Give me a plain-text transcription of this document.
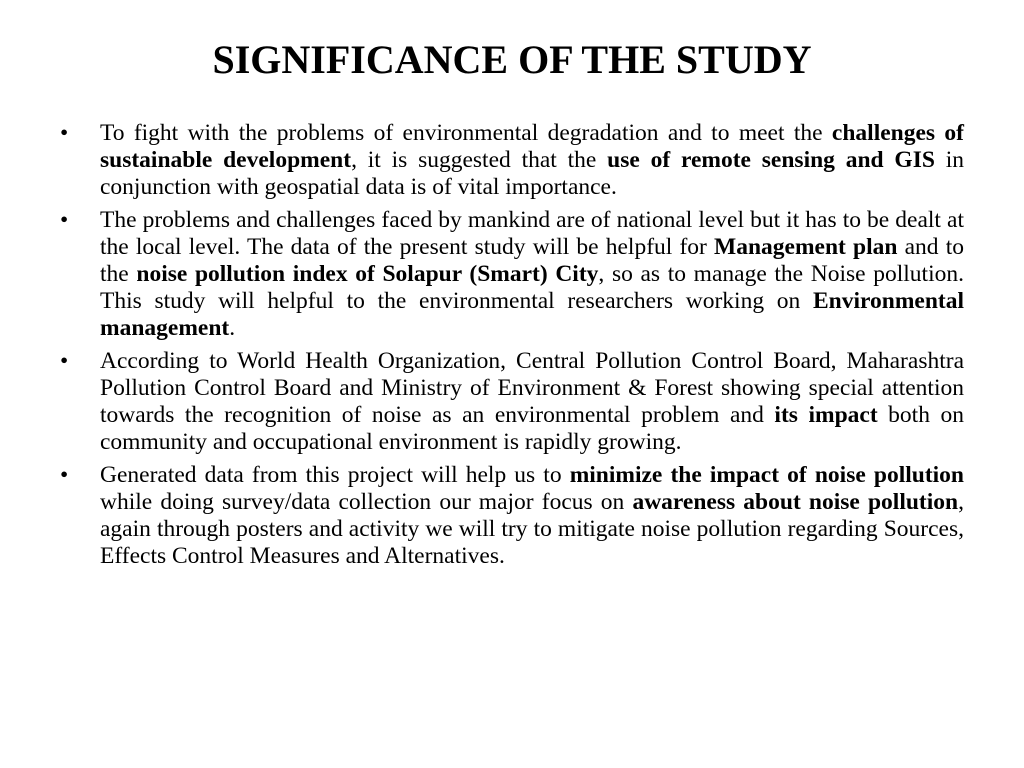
SIGNIFICANCE OF THE STUDY
• To fight with the problems of environmental degradation and to meet the challenges of sustainable development, it is suggested that the use of remote sensing and GIS in conjunction with geospatial data is of vital importance.
• The problems and challenges faced by mankind are of national level but it has to be dealt at the local level. The data of the present study will be helpful for Management plan and to the noise pollution index of Solapur (Smart) City, so as to manage the Noise pollution. This study will helpful to the environmental researchers working on Environmental management.
• According to World Health Organization, Central Pollution Control Board, Maharashtra Pollution Control Board and Ministry of Environment & Forest showing special attention towards the recognition of noise as an environmental problem and its impact both on community and occupational environment is rapidly growing.
• Generated data from this project will help us to minimize the impact of noise pollution while doing survey/data collection our major focus on awareness about noise pollution, again through posters and activity we will try to mitigate noise pollution regarding Sources, Effects Control Measures and Alternatives.
